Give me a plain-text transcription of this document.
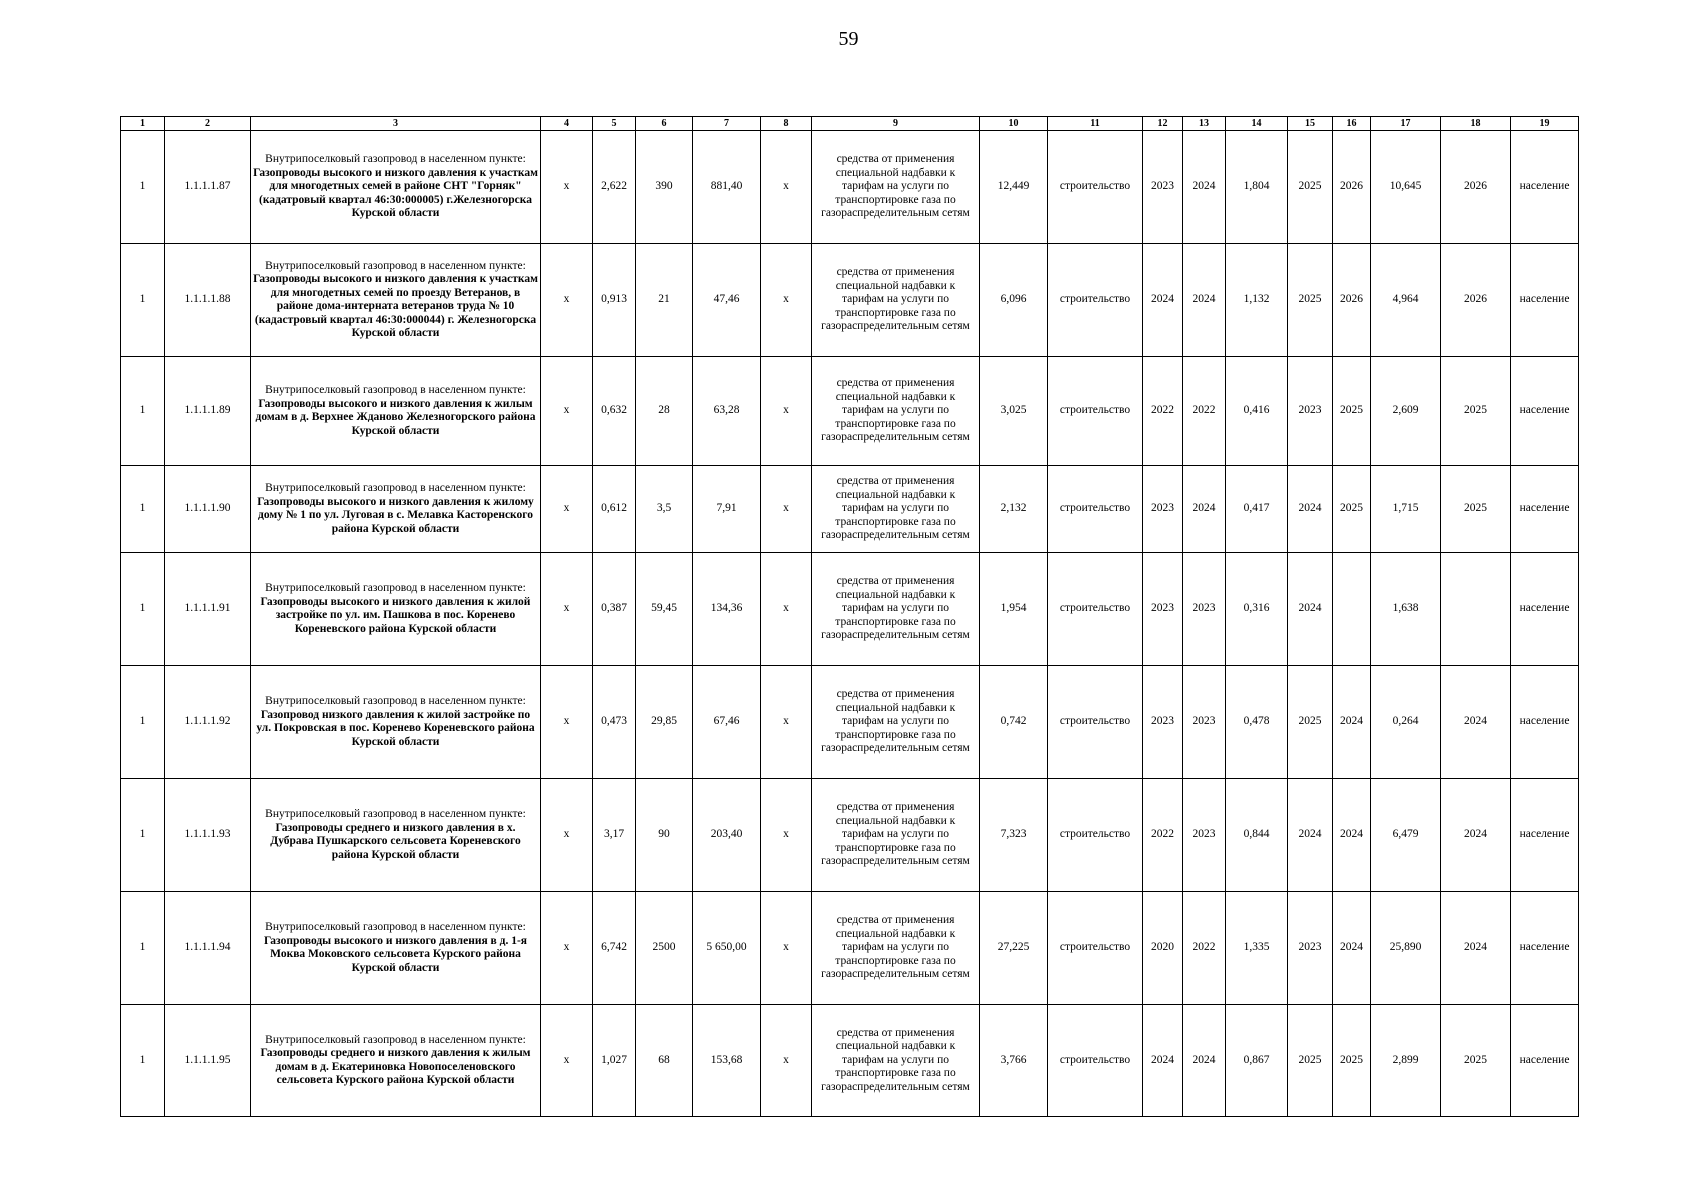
59
1	2	3	4	5	6	7	8	9	10	11	12	13	14	15	16	17	18	19
1	1.1.1.1.87	Внутрипоселковый газопровод в населенном пункте:
Газопроводы высокого и низкого давления к участкам для многодетных семей в районе СНТ "Горняк" (кадатровый квартал 46:30:000005) г.Железногорска Курской области	х	2,622	390	881,40	х	средства от применения специальной надбавки к тарифам на услуги по транспортировке газа по газораспределительным сетям	12,449	строительство	2023	2024	1,804	2025	2026	10,645	2026	население
1	1.1.1.1.88	Внутрипоселковый газопровод в населенном пункте:
Газопроводы высокого и низкого давления к участкам для многодетных семей по проезду Ветеранов, в районе дома-интерната ветеранов труда № 10 (кадастровый квартал 46:30:000044) г. Железногорска Курской области	х	0,913	21	47,46	х	средства от применения специальной надбавки к тарифам на услуги по транспортировке газа по газораспределительным сетям	6,096	строительство	2024	2024	1,132	2025	2026	4,964	2026	население
1	1.1.1.1.89	Внутрипоселковый газопровод в населенном пункте:
Газопроводы высокого и низкого давления к жилым домам в д. Верхнее Жданово Железногорского района Курской области	х	0,632	28	63,28	х	средства от применения специальной надбавки к тарифам на услуги по транспортировке газа по газораспределительным сетям	3,025	строительство	2022	2022	0,416	2023	2025	2,609	2025	население
1	1.1.1.1.90	Внутрипоселковый газопровод в населенном пункте:
Газопроводы высокого и низкого давления к жилому дому № 1 по ул. Луговая в с. Мелавка Касторенского района Курской области	х	0,612	3,5	7,91	х	средства от применения специальной надбавки к тарифам на услуги по транспортировке газа по газораспределительным сетям	2,132	строительство	2023	2024	0,417	2024	2025	1,715	2025	население
1	1.1.1.1.91	Внутрипоселковый газопровод в населенном пункте:
Газопроводы высокого и низкого давления к жилой застройке по ул. им. Пашкова в пос. Коренево Кореневского района Курской области	х	0,387	59,45	134,36	х	средства от применения специальной надбавки к тарифам на услуги по транспортировке газа по газораспределительным сетям	1,954	строительство	2023	2023	0,316	2024		1,638		население
1	1.1.1.1.92	Внутрипоселковый газопровод в населенном пункте:
Газопровод низкого давления к жилой застройке по ул. Покровская в пос. Коренево Кореневского района Курской области	х	0,473	29,85	67,46	х	средства от применения специальной надбавки к тарифам на услуги по транспортировке газа по газораспределительным сетям	0,742	строительство	2023	2023	0,478	2025	2024	0,264	2024	население
1	1.1.1.1.93	Внутрипоселковый газопровод в населенном пункте:
Газопроводы среднего и низкого давления в х. Дубрава Пушкарского сельсовета Кореневского района Курской области	х	3,17	90	203,40	х	средства от применения специальной надбавки к тарифам на услуги по транспортировке газа по газораспределительным сетям	7,323	строительство	2022	2023	0,844	2024	2024	6,479	2024	население
1	1.1.1.1.94	Внутрипоселковый газопровод в населенном пункте:
Газопроводы высокого и низкого давления в д. 1-я Моква Моковского сельсовета Курского района Курской области	х	6,742	2500	5 650,00	х	средства от применения специальной надбавки к тарифам на услуги по транспортировке газа по газораспределительным сетям	27,225	строительство	2020	2022	1,335	2023	2024	25,890	2024	население
1	1.1.1.1.95	Внутрипоселковый газопровод в населенном пункте:
Газопроводы среднего и низкого давления к жилым домам в д. Екатериновка Новопоселеновского сельсовета Курского района Курской области	х	1,027	68	153,68	х	средства от применения специальной надбавки к тарифам на услуги по транспортировке газа по газораспределительным сетям	3,766	строительство	2024	2024	0,867	2025	2025	2,899	2025	население
